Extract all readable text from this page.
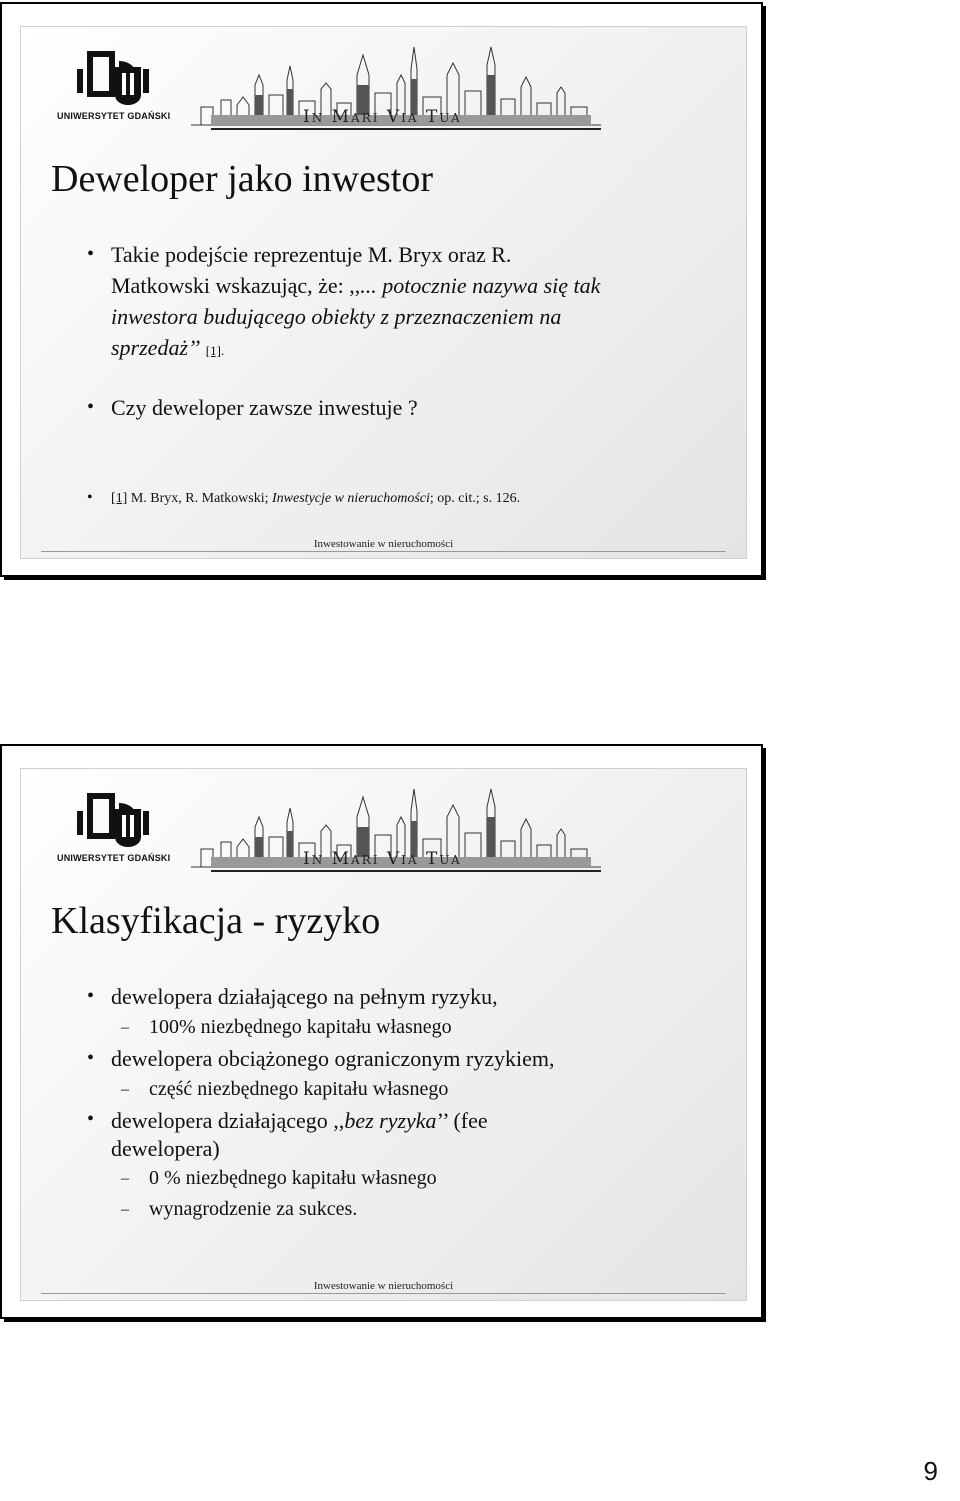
UNIWERSYTET GDAŃSKI	In Mari Via Tua
Deweloper jako inwestor
• Takie podejście reprezentuje M. Bryx oraz R.
Matkowski wskazując, że: ,,... potocznie nazywa się tak
inwestora budującego obiekty z przeznaczeniem na
sprzedaż’’ [1].
• Czy deweloper zawsze inwestuje ?
• [1] M. Bryx, R. Matkowski; Inwestycje w nieruchomości; op. cit.; s. 126.
Inwestowanie w nieruchomości
UNIWERSYTET GDAŃSKI	In Mari Via Tua
Klasyfikacja - ryzyko
• dewelopera działającego na pełnym ryzyku,
– 100% niezbędnego kapitału własnego
• dewelopera obciążonego ograniczonym ryzykiem,
– część niezbędnego kapitału własnego
• dewelopera działającego ,,bez ryzyka’’ (fee
dewelopera)
– 0 % niezbędnego kapitału własnego
– wynagrodzenie za sukces.
Inwestowanie w nieruchomości
9
